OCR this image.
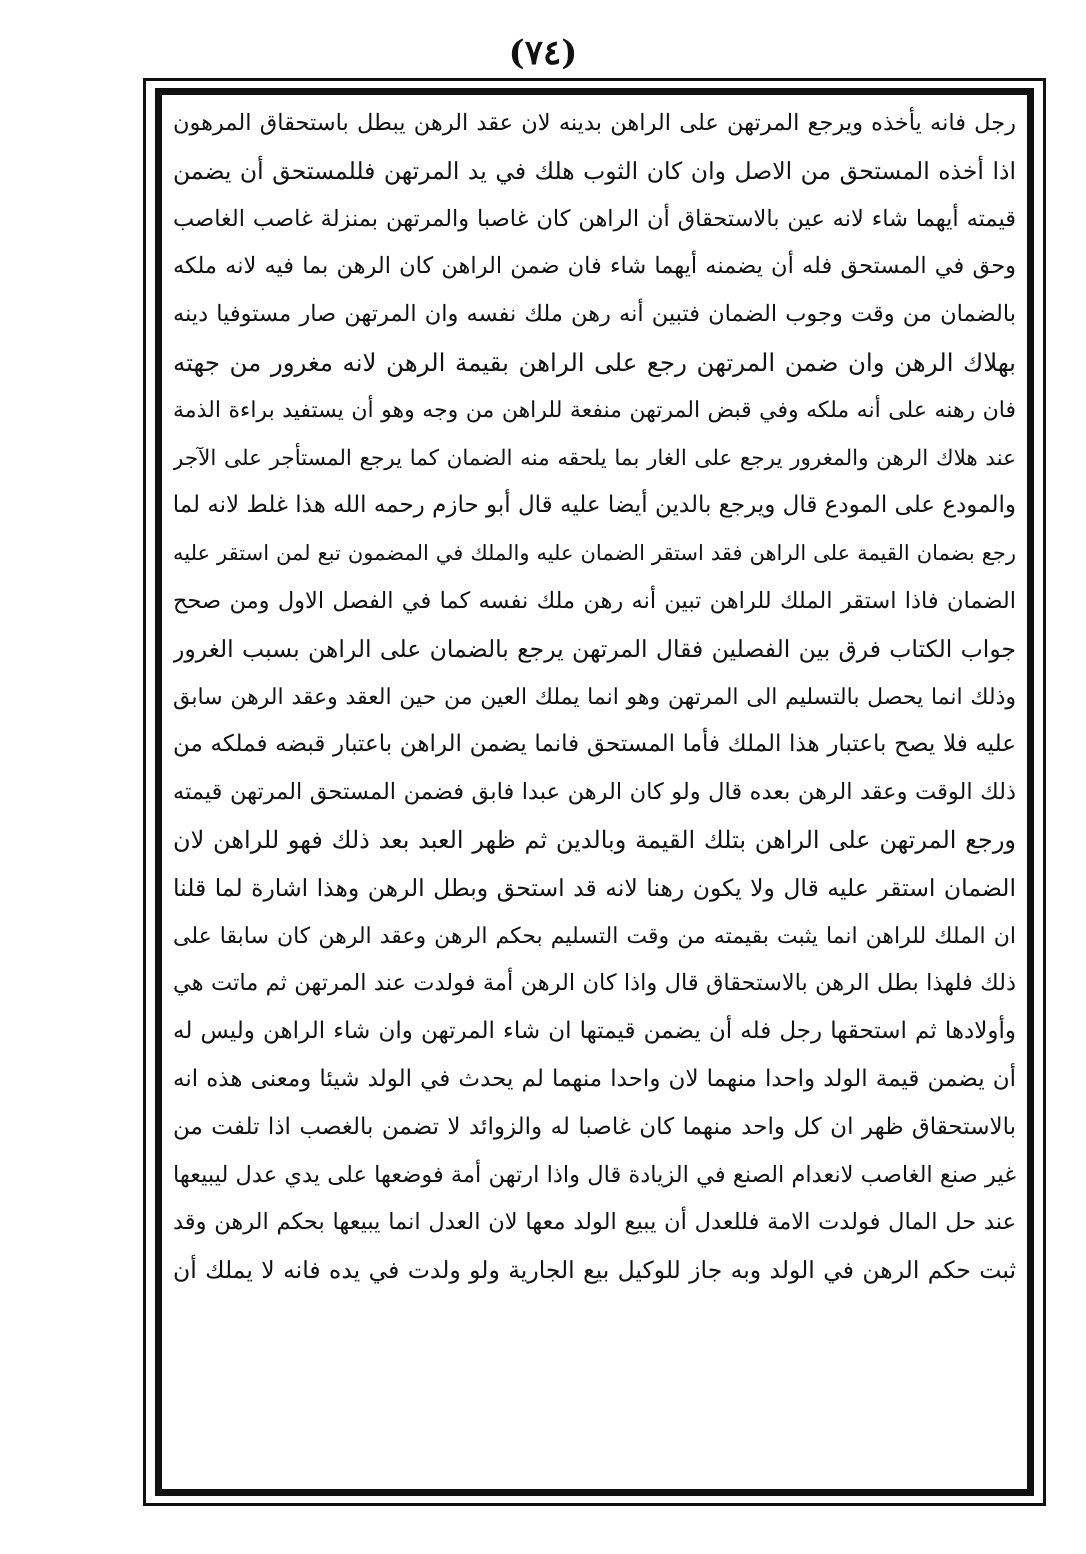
(٧٤)
رجل فانه يأخذه ويرجع المرتهن على الراهن بدينه لان عقد الرهن يبطل باستحقاق المرهون
اذا أخذه المستحق من الاصل وان كان الثوب هلك في يد المرتهن فللمستحق أن يضمن
قيمته أيهما شاء لانه عين بالاستحقاق أن الراهن كان غاصبا والمرتهن بمنزلة غاصب الغاصب
وحق في المستحق فله أن يضمنه أيهما شاء فان ضمن الراهن كان الرهن بما فيه لانه ملكه
بالضمان من وقت وجوب الضمان فتبين أنه رهن ملك نفسه وان المرتهن صار مستوفيا دينه
بهلاك الرهن وان ضمن المرتهن رجع على الراهن بقيمة الرهن لانه مغرور من جهته
فان رهنه على أنه ملكه وفي قبض المرتهن منفعة للراهن من وجه وهو أن يستفيد براءة الذمة
عند هلاك الرهن والمغرور يرجع على الغار بما يلحقه منه الضمان كما يرجع المستأجر على الآجر
والمودع على المودع قال ويرجع بالدين أيضا عليه قال أبو حازم رحمه الله هذا غلط لانه لما
رجع بضمان القيمة على الراهن فقد استقر الضمان عليه والملك في المضمون تبع لمن استقر عليه
الضمان فاذا استقر الملك للراهن تبين أنه رهن ملك نفسه كما في الفصل الاول ومن صحح
جواب الكتاب فرق بين الفصلين فقال المرتهن يرجع بالضمان على الراهن بسبب الغرور
وذلك انما يحصل بالتسليم الى المرتهن وهو انما يملك العين من حين العقد وعقد الرهن سابق
عليه فلا يصح باعتبار هذا الملك فأما المستحق فانما يضمن الراهن باعتبار قبضه فملكه من
ذلك الوقت وعقد الرهن بعده قال ولو كان الرهن عبدا فابق فضمن المستحق المرتهن قيمته
ورجع المرتهن على الراهن بتلك القيمة وبالدين ثم ظهر العبد بعد ذلك فهو للراهن لان
الضمان استقر عليه قال ولا يكون رهنا لانه قد استحق وبطل الرهن وهذا اشارة لما قلنا
ان الملك للراهن انما يثبت بقيمته من وقت التسليم بحكم الرهن وعقد الرهن كان سابقا على
ذلك فلهذا بطل الرهن بالاستحقاق قال واذا كان الرهن أمة فولدت عند المرتهن ثم ماتت هي
وأولادها ثم استحقها رجل فله أن يضمن قيمتها ان شاء المرتهن وان شاء الراهن وليس له
أن يضمن قيمة الولد واحدا منهما لان واحدا منهما لم يحدث في الولد شيئا ومعنى هذه انه
بالاستحقاق ظهر ان كل واحد منهما كان غاصبا له والزوائد لا تضمن بالغصب اذا تلفت من
غير صنع الغاصب لانعدام الصنع في الزيادة قال واذا ارتهن أمة فوضعها على يدي عدل ليبيعها
عند حل المال فولدت الامة فللعدل أن يبيع الولد معها لان العدل انما يبيعها بحكم الرهن وقد
ثبت حكم الرهن في الولد وبه جاز للوكيل بيع الجارية ولو ولدت في يده فانه لا يملك أن
